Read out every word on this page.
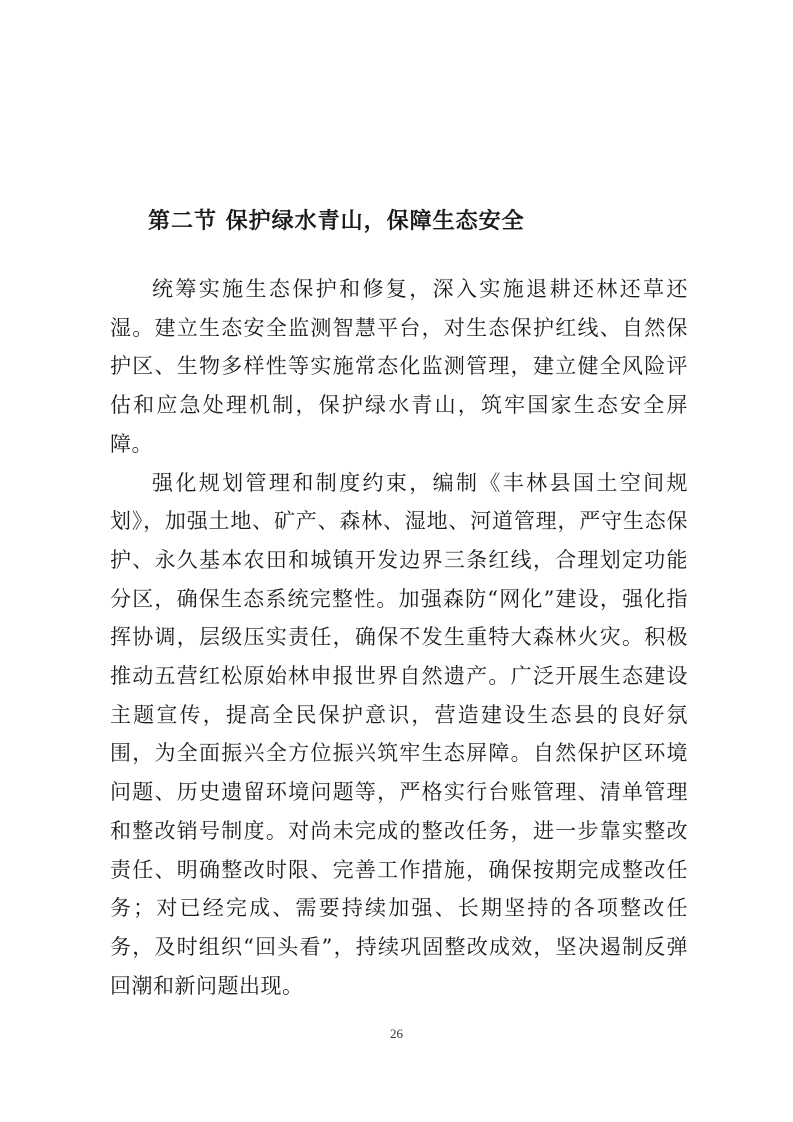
第二节 保护绿水青山，保障生态安全

统筹实施生态保护和修复，深入实施退耕还林还草还湿。建立生态安全监测智慧平台，对生态保护红线、自然保护区、生物多样性等实施常态化监测管理，建立健全风险评估和应急处理机制，保护绿水青山，筑牢国家生态安全屏障。

强化规划管理和制度约束，编制《丰林县国土空间规划》，加强土地、矿产、森林、湿地、河道管理，严守生态保护、永久基本农田和城镇开发边界三条红线，合理划定功能分区，确保生态系统完整性。加强森防“网化”建设，强化指挥协调，层级压实责任，确保不发生重特大森林火灾。积极推动五营红松原始林申报世界自然遗产。广泛开展生态建设主题宣传，提高全民保护意识，营造建设生态县的良好氛围，为全面振兴全方位振兴筑牢生态屏障。自然保护区环境问题、历史遗留环境问题等，严格实行台账管理、清单管理和整改销号制度。对尚未完成的整改任务，进一步靠实整改责任、明确整改时限、完善工作措施，确保按期完成整改任务；对已经完成、需要持续加强、长期坚持的各项整改任务，及时组织“回头看”，持续巩固整改成效，坚决遏制反弹回潮和新问题出现。

26
